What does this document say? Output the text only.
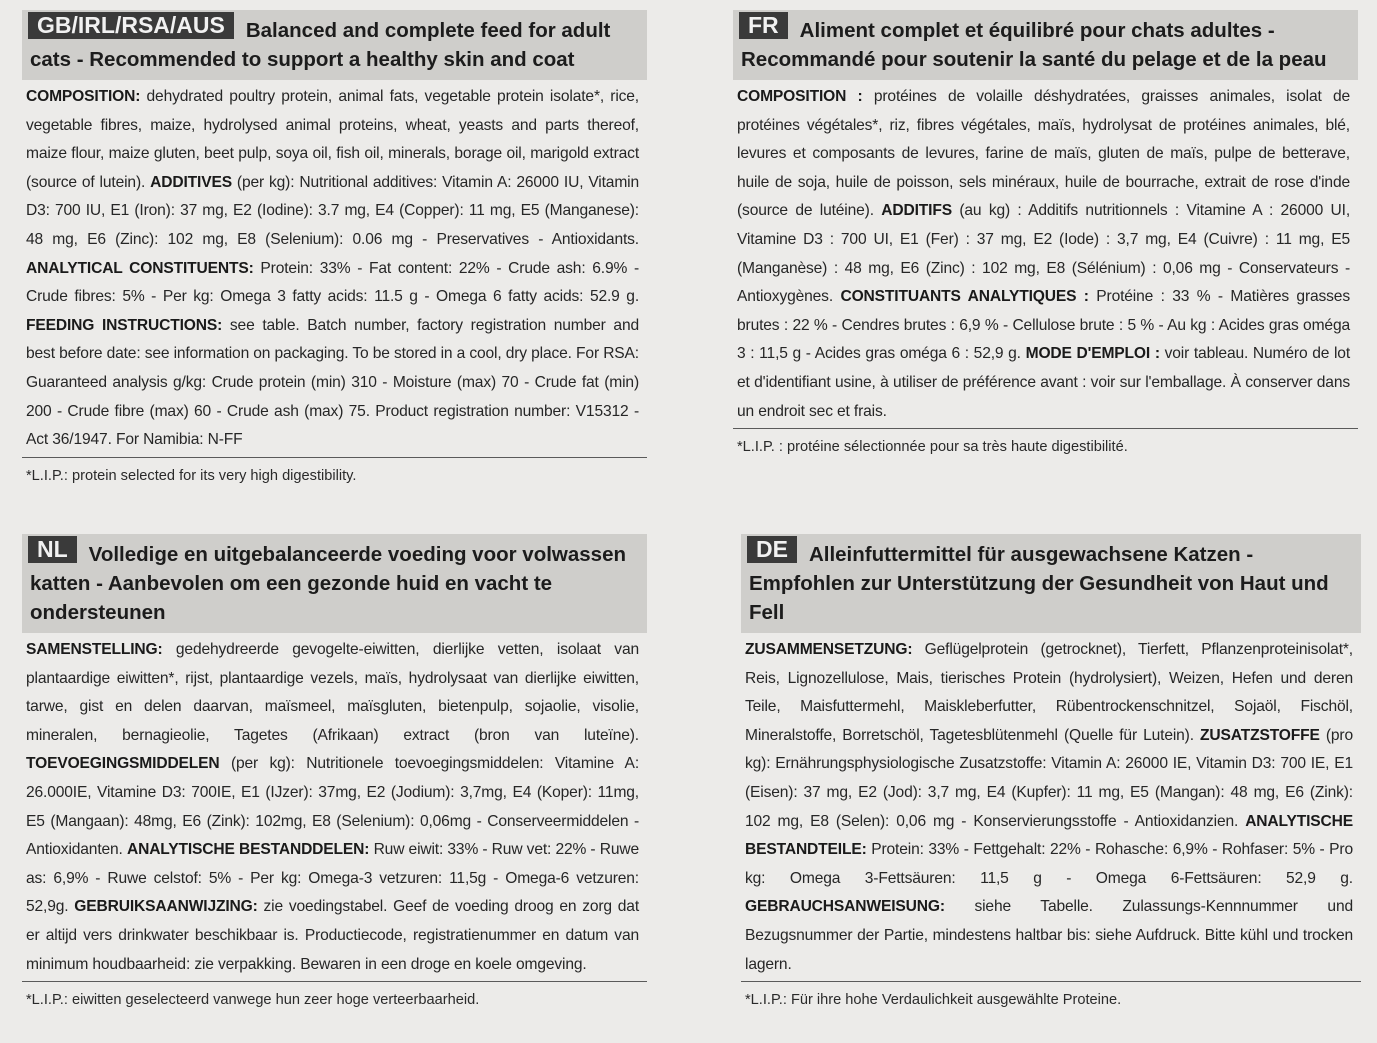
GB/IRL/RSA/AUS	Balanced and complete feed for adult cats - Recommended to support a healthy skin and coat
COMPOSITION: dehydrated poultry protein, animal fats, vegetable protein isolate*, rice, vegetable fibres, maize, hydrolysed animal proteins, wheat, yeasts and parts thereof, maize flour, maize gluten, beet pulp, soya oil, fish oil, minerals, borage oil, marigold extract (source of lutein). ADDITIVES (per kg): Nutritional additives: Vitamin A: 26000 IU, Vitamin D3: 700 IU, E1 (Iron): 37 mg, E2 (Iodine): 3.7 mg, E4 (Copper): 11 mg, E5 (Manganese): 48 mg, E6 (Zinc): 102 mg, E8 (Selenium): 0.06 mg - Preservatives - Antioxidants. ANALYTICAL CONSTITUENTS: Protein: 33% - Fat content: 22% - Crude ash: 6.9% - Crude fibres: 5% - Per kg: Omega 3 fatty acids: 11.5 g - Omega 6 fatty acids: 52.9 g. FEEDING INSTRUCTIONS: see table. Batch number, factory registration number and best before date: see information on packaging. To be stored in a cool, dry place. For RSA: Guaranteed analysis g/kg: Crude protein (min) 310 - Moisture (max) 70 - Crude fat (min) 200 - Crude fibre (max) 60 - Crude ash (max) 75. Product registration number: V15312 - Act 36/1947. For Namibia: N-FF
*L.I.P.: protein selected for its very high digestibility.
FR	Aliment complet et équilibré pour chats adultes - Recommandé pour soutenir la santé du pelage et de la peau
COMPOSITION : protéines de volaille déshydratées, graisses animales, isolat de protéines végétales*, riz, fibres végétales, maïs, hydrolysat de protéines animales, blé, levures et composants de levures, farine de maïs, gluten de maïs, pulpe de betterave, huile de soja, huile de poisson, sels minéraux, huile de bourrache, extrait de rose d'inde (source de lutéine). ADDITIFS (au kg) : Additifs nutritionnels : Vitamine A : 26000 UI, Vitamine D3 : 700 UI, E1 (Fer) : 37 mg, E2 (Iode) : 3,7 mg, E4 (Cuivre) : 11 mg, E5 (Manganèse) : 48 mg, E6 (Zinc) : 102 mg, E8 (Sélénium) : 0,06 mg - Conservateurs - Antioxygènes. CONSTITUANTS ANALYTIQUES : Protéine : 33 % - Matières grasses brutes : 22 % - Cendres brutes : 6,9 % - Cellulose brute : 5 % - Au kg : Acides gras oméga 3 : 11,5 g - Acides gras oméga 6 : 52,9 g. MODE D'EMPLOI : voir tableau. Numéro de lot et d'identifiant usine, à utiliser de préférence avant : voir sur l'emballage. À conserver dans un endroit sec et frais.
*L.I.P. : protéine sélectionnée pour sa très haute digestibilité.
NL	Volledige en uitgebalanceerde voeding voor volwassen katten - Aanbevolen om een gezonde huid en vacht te ondersteunen
SAMENSTELLING: gedehydreerde gevogelte-eiwitten, dierlijke vetten, isolaat van plantaardige eiwitten*, rijst, plantaardige vezels, maïs, hydrolysaat van dierlijke eiwitten, tarwe, gist en delen daarvan, maïsmeel, maïsgluten, bietenpulp, sojaolie, visolie, mineralen, bernagieolie, Tagetes (Afrikaan) extract (bron van luteïne). TOEVOEGINGSMIDDELEN (per kg): Nutritionele toevoegingsmiddelen: Vitamine A: 26.000IE, Vitamine D3: 700IE, E1 (IJzer): 37mg, E2 (Jodium): 3,7mg, E4 (Koper): 11mg, E5 (Mangaan): 48mg, E6 (Zink): 102mg, E8 (Selenium): 0,06mg - Conserveermiddelen - Antioxidanten. ANALYTISCHE BESTANDDELEN: Ruw eiwit: 33% - Ruw vet: 22% - Ruwe as: 6,9% - Ruwe celstof: 5% - Per kg: Omega-3 vetzuren: 11,5g - Omega-6 vetzuren: 52,9g. GEBRUIKSAANWIJZING: zie voedingstabel. Geef de voeding droog en zorg dat er altijd vers drinkwater beschikbaar is. Productiecode, registratienummer en datum van minimum houdbaarheid: zie verpakking. Bewaren in een droge en koele omgeving.
*L.I.P.: eiwitten geselecteerd vanwege hun zeer hoge verteerbaarheid.
DE	Alleinfuttermittel für ausgewachsene Katzen - Empfohlen zur Unterstützung der Gesundheit von Haut und Fell
ZUSAMMENSETZUNG: Geflügelprotein (getrocknet), Tierfett, Pflanzenproteinisolat*, Reis, Lignozellulose, Mais, tierisches Protein (hydrolysiert), Weizen, Hefen und deren Teile, Maisfuttermehl, Maiskleberfutter, Rübentrockenschnitzel, Sojaöl, Fischöl, Mineralstoffe, Borretschöl, Tagetesblütenmehl (Quelle für Lutein). ZUSATZSTOFFE (pro kg): Ernährungsphysiologische Zusatzstoffe: Vitamin A: 26000 IE, Vitamin D3: 700 IE, E1 (Eisen): 37 mg, E2 (Jod): 3,7 mg, E4 (Kupfer): 11 mg, E5 (Mangan): 48 mg, E6 (Zink): 102 mg, E8 (Selen): 0,06 mg - Konservierungsstoffe - Antioxidanzien. ANALYTISCHE BESTANDTEILE: Protein: 33% - Fettgehalt: 22% - Rohasche: 6,9% - Rohfaser: 5% - Pro kg: Omega 3-Fettsäuren: 11,5 g - Omega 6-Fettsäuren: 52,9 g. GEBRAUCHSANWEISUNG: siehe Tabelle. Zulassungs-Kennnummer und Bezugsnummer der Partie, mindestens haltbar bis: siehe Aufdruck. Bitte kühl und trocken lagern.
*L.I.P.: Für ihre hohe Verdaulichkeit ausgewählte Proteine.
